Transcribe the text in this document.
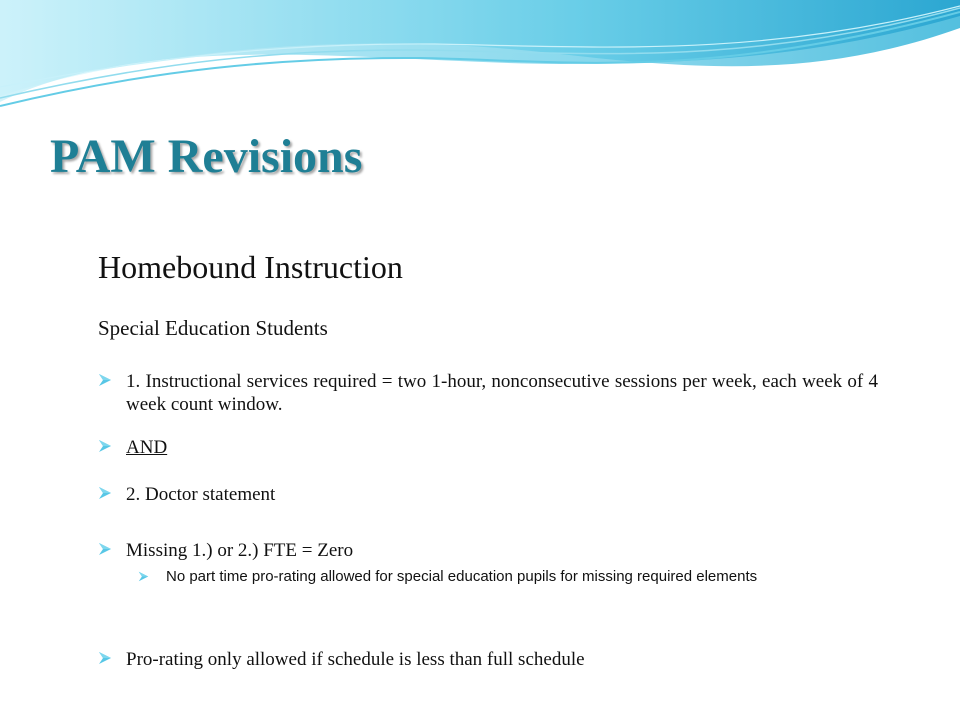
PAM Revisions
Homebound Instruction
Special Education Students
1. Instructional services required = two 1-hour, nonconsecutive sessions per week, each week of 4 week count window.
AND
2. Doctor statement
Missing 1.) or 2.) FTE = Zero
No part time pro-rating allowed for special education pupils for missing required elements
Pro-rating only allowed if schedule is less than full schedule
